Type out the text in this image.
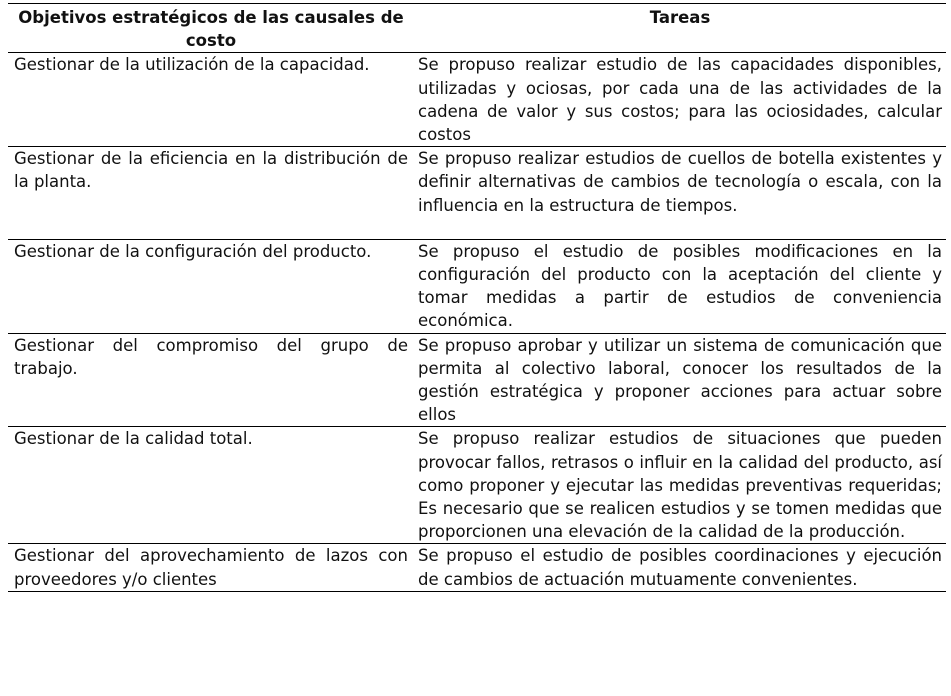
Objetivos estratégicos de las causales de costo	Tareas
Gestionar de la utilización de la capacidad.	Se propuso realizar estudio de las capacidades disponibles, utilizadas y ociosas, por cada una de las actividades de la cadena de valor y sus costos; para las ociosidades, calcular costos
Gestionar de la eficiencia en la distribución de la planta.	Se propuso realizar estudios de cuellos de botella existentes y definir alternativas de cambios de tecnología o escala, con la influencia en la estructura de tiempos.
Gestionar de la configuración del producto.	Se propuso el estudio de posibles modificaciones en la configuración del producto con la aceptación del cliente y tomar medidas a partir de estudios de conveniencia económica.
Gestionar del compromiso del grupo de trabajo.	Se propuso aprobar y utilizar un sistema de comunicación que permita al colectivo laboral, conocer los resultados de la gestión estratégica y proponer acciones para actuar sobre ellos
Gestionar de la calidad total.	Se propuso realizar estudios de situaciones que pueden provocar fallos, retrasos o influir en la calidad del producto, así como proponer y ejecutar las medidas preventivas requeridas; Es necesario que se realicen estudios y se tomen medidas que proporcionen una elevación de la calidad de la producción.
Gestionar del aprovechamiento de lazos con proveedores y/o clientes	Se propuso el estudio de posibles coordinaciones y ejecución de cambios de actuación mutuamente convenientes.
